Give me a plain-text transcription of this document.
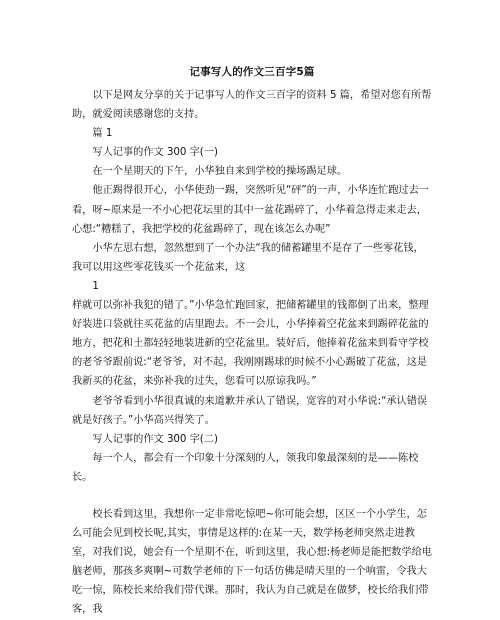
记事写人的作文三百字5篇

以下是网友分享的关于记事写人的作文三百字的资料 5 篇，希望对您有所帮助，就爱阅读感谢您的支持。

篇 1

写人记事的作文 300 字(一)

在一个星期天的下午，小华独自来到学校的操场踢足球。

他正踢得很开心，小华使劲一踢，突然听见“砰”的一声，小华连忙跑过去一看，呀~原来是一不小心把花坛里的其中一盆花踢碎了，小华着急得走来走去，心想:“糟糕了，我把学校的花盆踢碎了，现在该怎么办呢”

小华左思右想，忽然想到了一个办法“我的储蓄罐里不是存了一些零花钱，我可以用这些零花钱买一个花盆来，这

1

样就可以弥补我犯的错了。”小华急忙跑回家，把储蓄罐里的钱都倒了出来，整理好装进口袋就往买花盆的店里跑去。不一会儿，小华捧着空花盆来到踢碎花盆的地方，把花和土都轻轻地装进新的空花盆里。装好后，他捧着花盆来到看守学校的老爷爷跟前说:“老爷爷，对不起，我刚刚踢球的时候不小心踢破了花盆，这是我新买的花盆，来弥补我的过失，您看可以原谅我吗。”

老爷爷看到小华很真诚的来道歉并承认了错误，宽容的对小华说:“承认错误就是好孩子。”小华高兴得笑了。

写人记事的作文 300 字(二)

每一个人，都会有一个印象十分深刻的人，领我印象最深刻的是——陈校长。

校长看到这里，我想你一定非常吃惊吧~你可能会想，区区一个小学生，怎么可能会见到校长呢,其实，事情是这样的:在某一天，数学杨老师突然走进教室，对我们说，她会有一个星期不在，听到这里，我心想:杨老师是能把数学给电脑老师，那孩多爽啊~可数学老师的下一句话仿佛是晴天里的一个响雷，令我大吃一惊，陈校长来给我们带代课。那时，我认为自己就是在做梦，校长给我们带客，我
